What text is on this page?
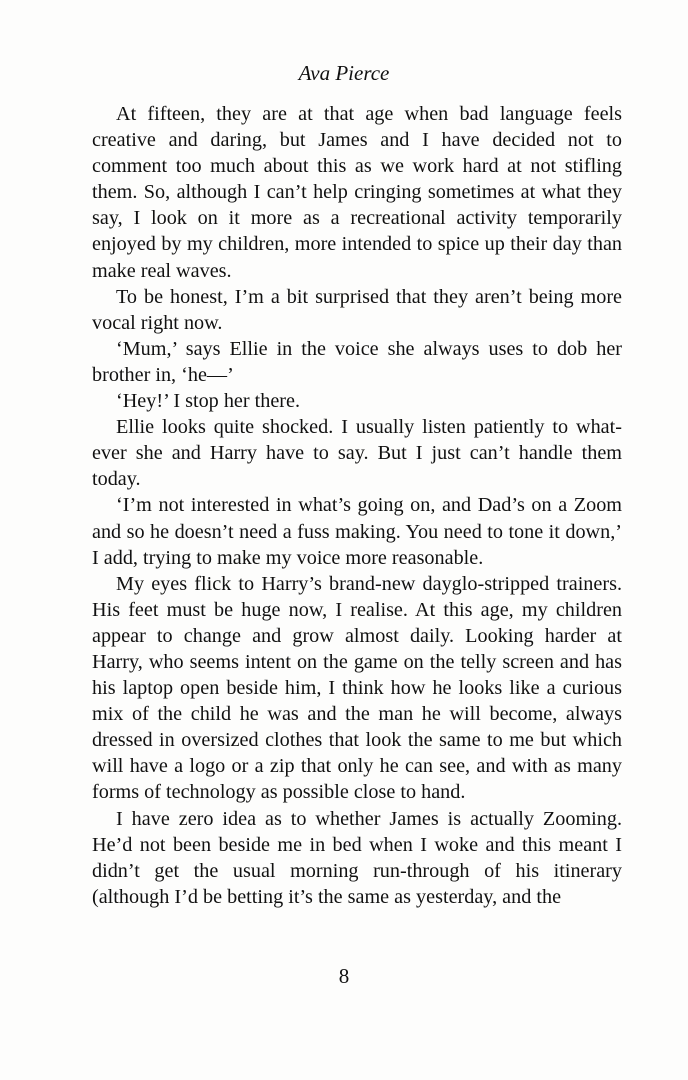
Ava Pierce

At fifteen, they are at that age when bad language feels creative and daring, but James and I have decided not to comment too much about this as we work hard at not stifling them. So, although I can’t help cringing sometimes at what they say, I look on it more as a recreational activity temporarily enjoyed by my children, more intended to spice up their day than make real waves.

To be honest, I’m a bit surprised that they aren’t being more vocal right now.

‘Mum,’ says Ellie in the voice she always uses to dob her brother in, ‘he—’

‘Hey!’ I stop her there.

Ellie looks quite shocked. I usually listen patiently to whatever she and Harry have to say. But I just can’t handle them today.

‘I’m not interested in what’s going on, and Dad’s on a Zoom and so he doesn’t need a fuss making. You need to tone it down,’ I add, trying to make my voice more reasonable.

My eyes flick to Harry’s brand-new dayglo-stripped trainers. His feet must be huge now, I realise. At this age, my children appear to change and grow almost daily. Looking harder at Harry, who seems intent on the game on the telly screen and has his laptop open beside him, I think how he looks like a curious mix of the child he was and the man he will become, always dressed in oversized clothes that look the same to me but which will have a logo or a zip that only he can see, and with as many forms of technology as possible close to hand.

I have zero idea as to whether James is actually Zooming. He’d not been beside me in bed when I woke and this meant I didn’t get the usual morning run-through of his itinerary (although I’d be betting it’s the same as yesterday, and the

8
